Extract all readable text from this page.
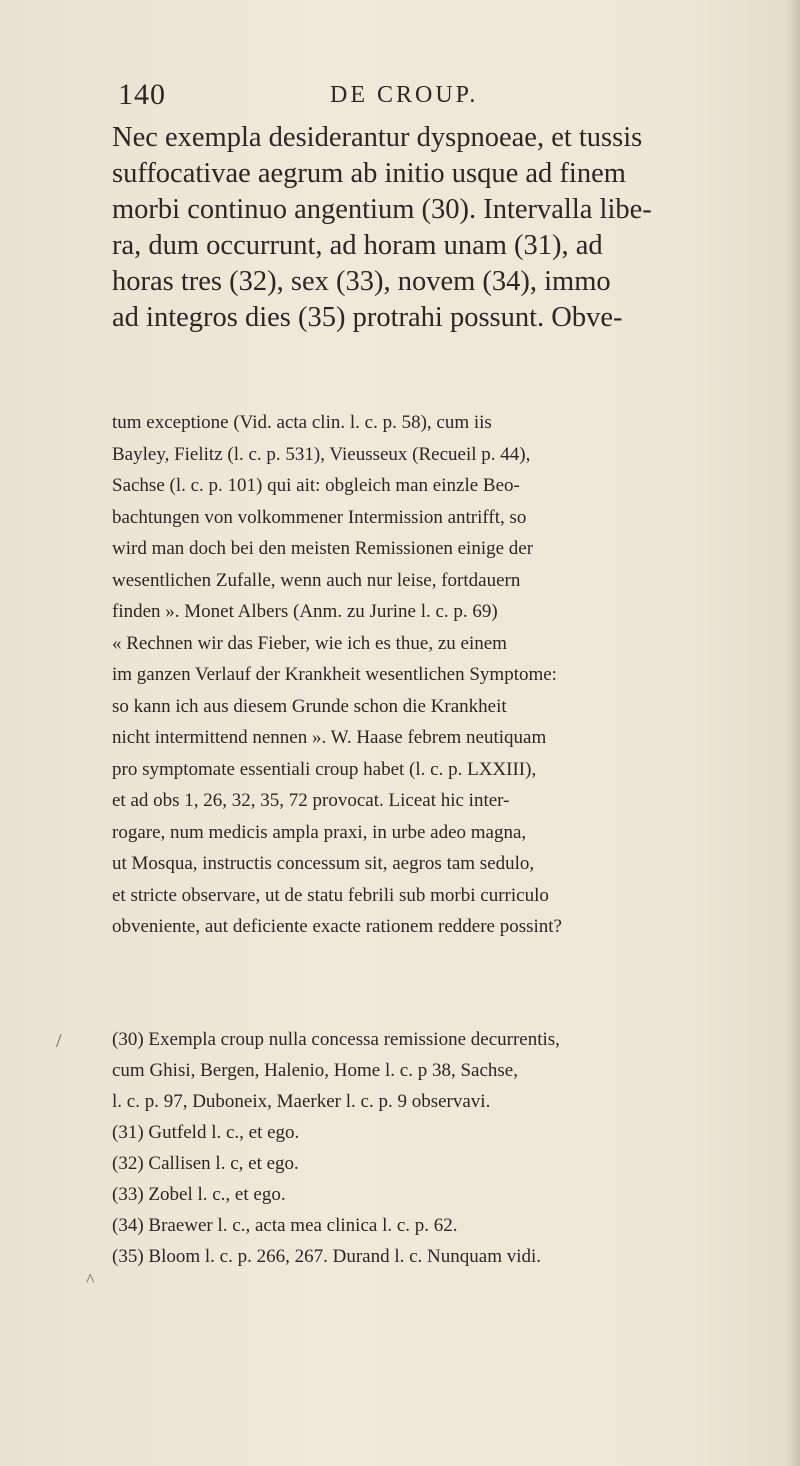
140	DE CROUP.
Nec exempla desiderantur dyspnoeae, et tussis
suffocativae aegrum ab initio usque ad finem
morbi continuo angentium (30). Intervalla libe-
ra, dum occurrunt, ad horam unam (31), ad
horas tres (32), sex (33), novem (34), immo
ad integros dies (35) protrahi possunt. Obve-
tum exceptione (Vid. acta clin. l. c. p. 58), cum iis
Bayley, Fielitz (l. c. p. 531), Vieusseux (Recueil p. 44),
Sachse (l. c. p. 101) qui ait: obgleich man einzle Beo-
bachtungen von volkommener Intermission antrifft, so
wird man doch bei den meisten Remissionen einige der
wesentlichen Zufalle, wenn auch nur leise, fortdauern
finden ». Monet Albers (Anm. zu Jurine l. c. p. 69)
« Rechnen wir das Fieber, wie ich es thue, zu einem
im ganzen Verlauf der Krankheit wesentlichen Symptome:
so kann ich aus diesem Grunde schon die Krankheit
nicht intermittend nennen ». W. Haase febrem neutiquam
pro symptomate essentiali croup habet (l. c. p. LXXIII),
et ad obs 1, 26, 32, 35, 72 provocat. Liceat hic inter-
rogare, num medicis ampla praxi, in urbe adeo magna,
ut Mosqua, instructis concessum sit, aegros tam sedulo,
et stricte observare, ut de statu febrili sub morbi curriculo
obveniente, aut deficiente exacte rationem reddere possint?
(30) Exempla croup nulla concessa remissione decurrentis,
cum Ghisi, Bergen, Halenio, Home l. c. p 38, Sachse,
l. c. p. 97, Duboneix, Maerker l. c. p. 9 observavi.
(31) Gutfeld l. c., et ego.
(32) Callisen l. c, et ego.
(33) Zobel l. c., et ego.
(34) Braewer l. c., acta mea clinica l. c. p. 62.
(35) Bloom l. c. p. 266, 267. Durand l. c. Nunquam vidi.
/
^
